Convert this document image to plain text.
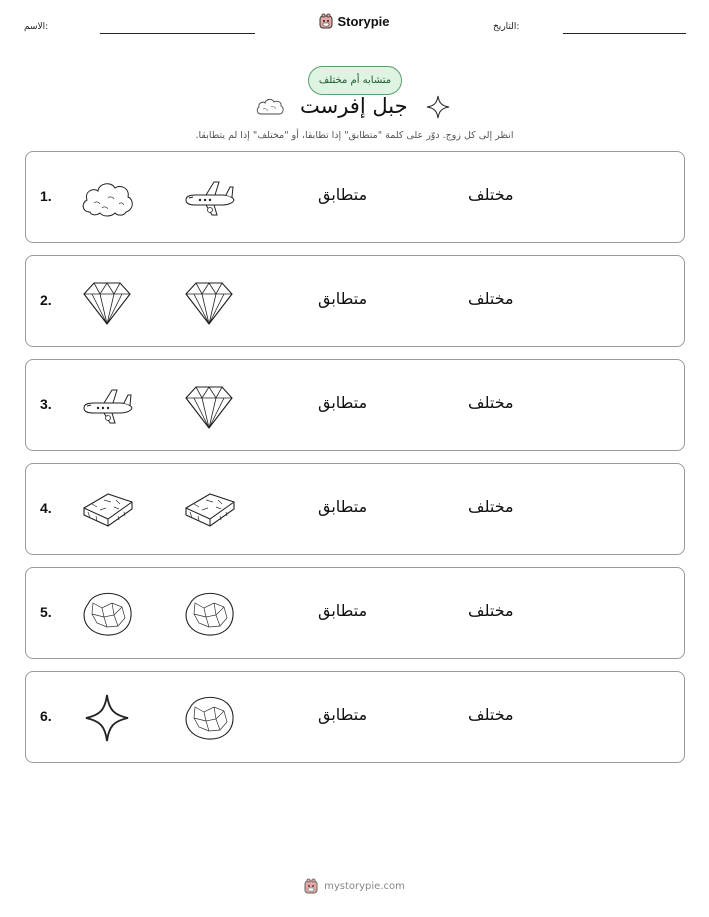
الاسم:	Storypie	التاريخ:
متشابه أم مختلف
جبل إفرست
انظر إلى كل زوج. دوّر على كلمة "متطابق" إذا تطابقا، أو "مختلف" إذا لم يتطابقا.
1.	متطابق	مختلف
2.	متطابق	مختلف
3.	متطابق	مختلف
4.	متطابق	مختلف
5.	متطابق	مختلف
6.	متطابق	مختلف
mystorypie.com
